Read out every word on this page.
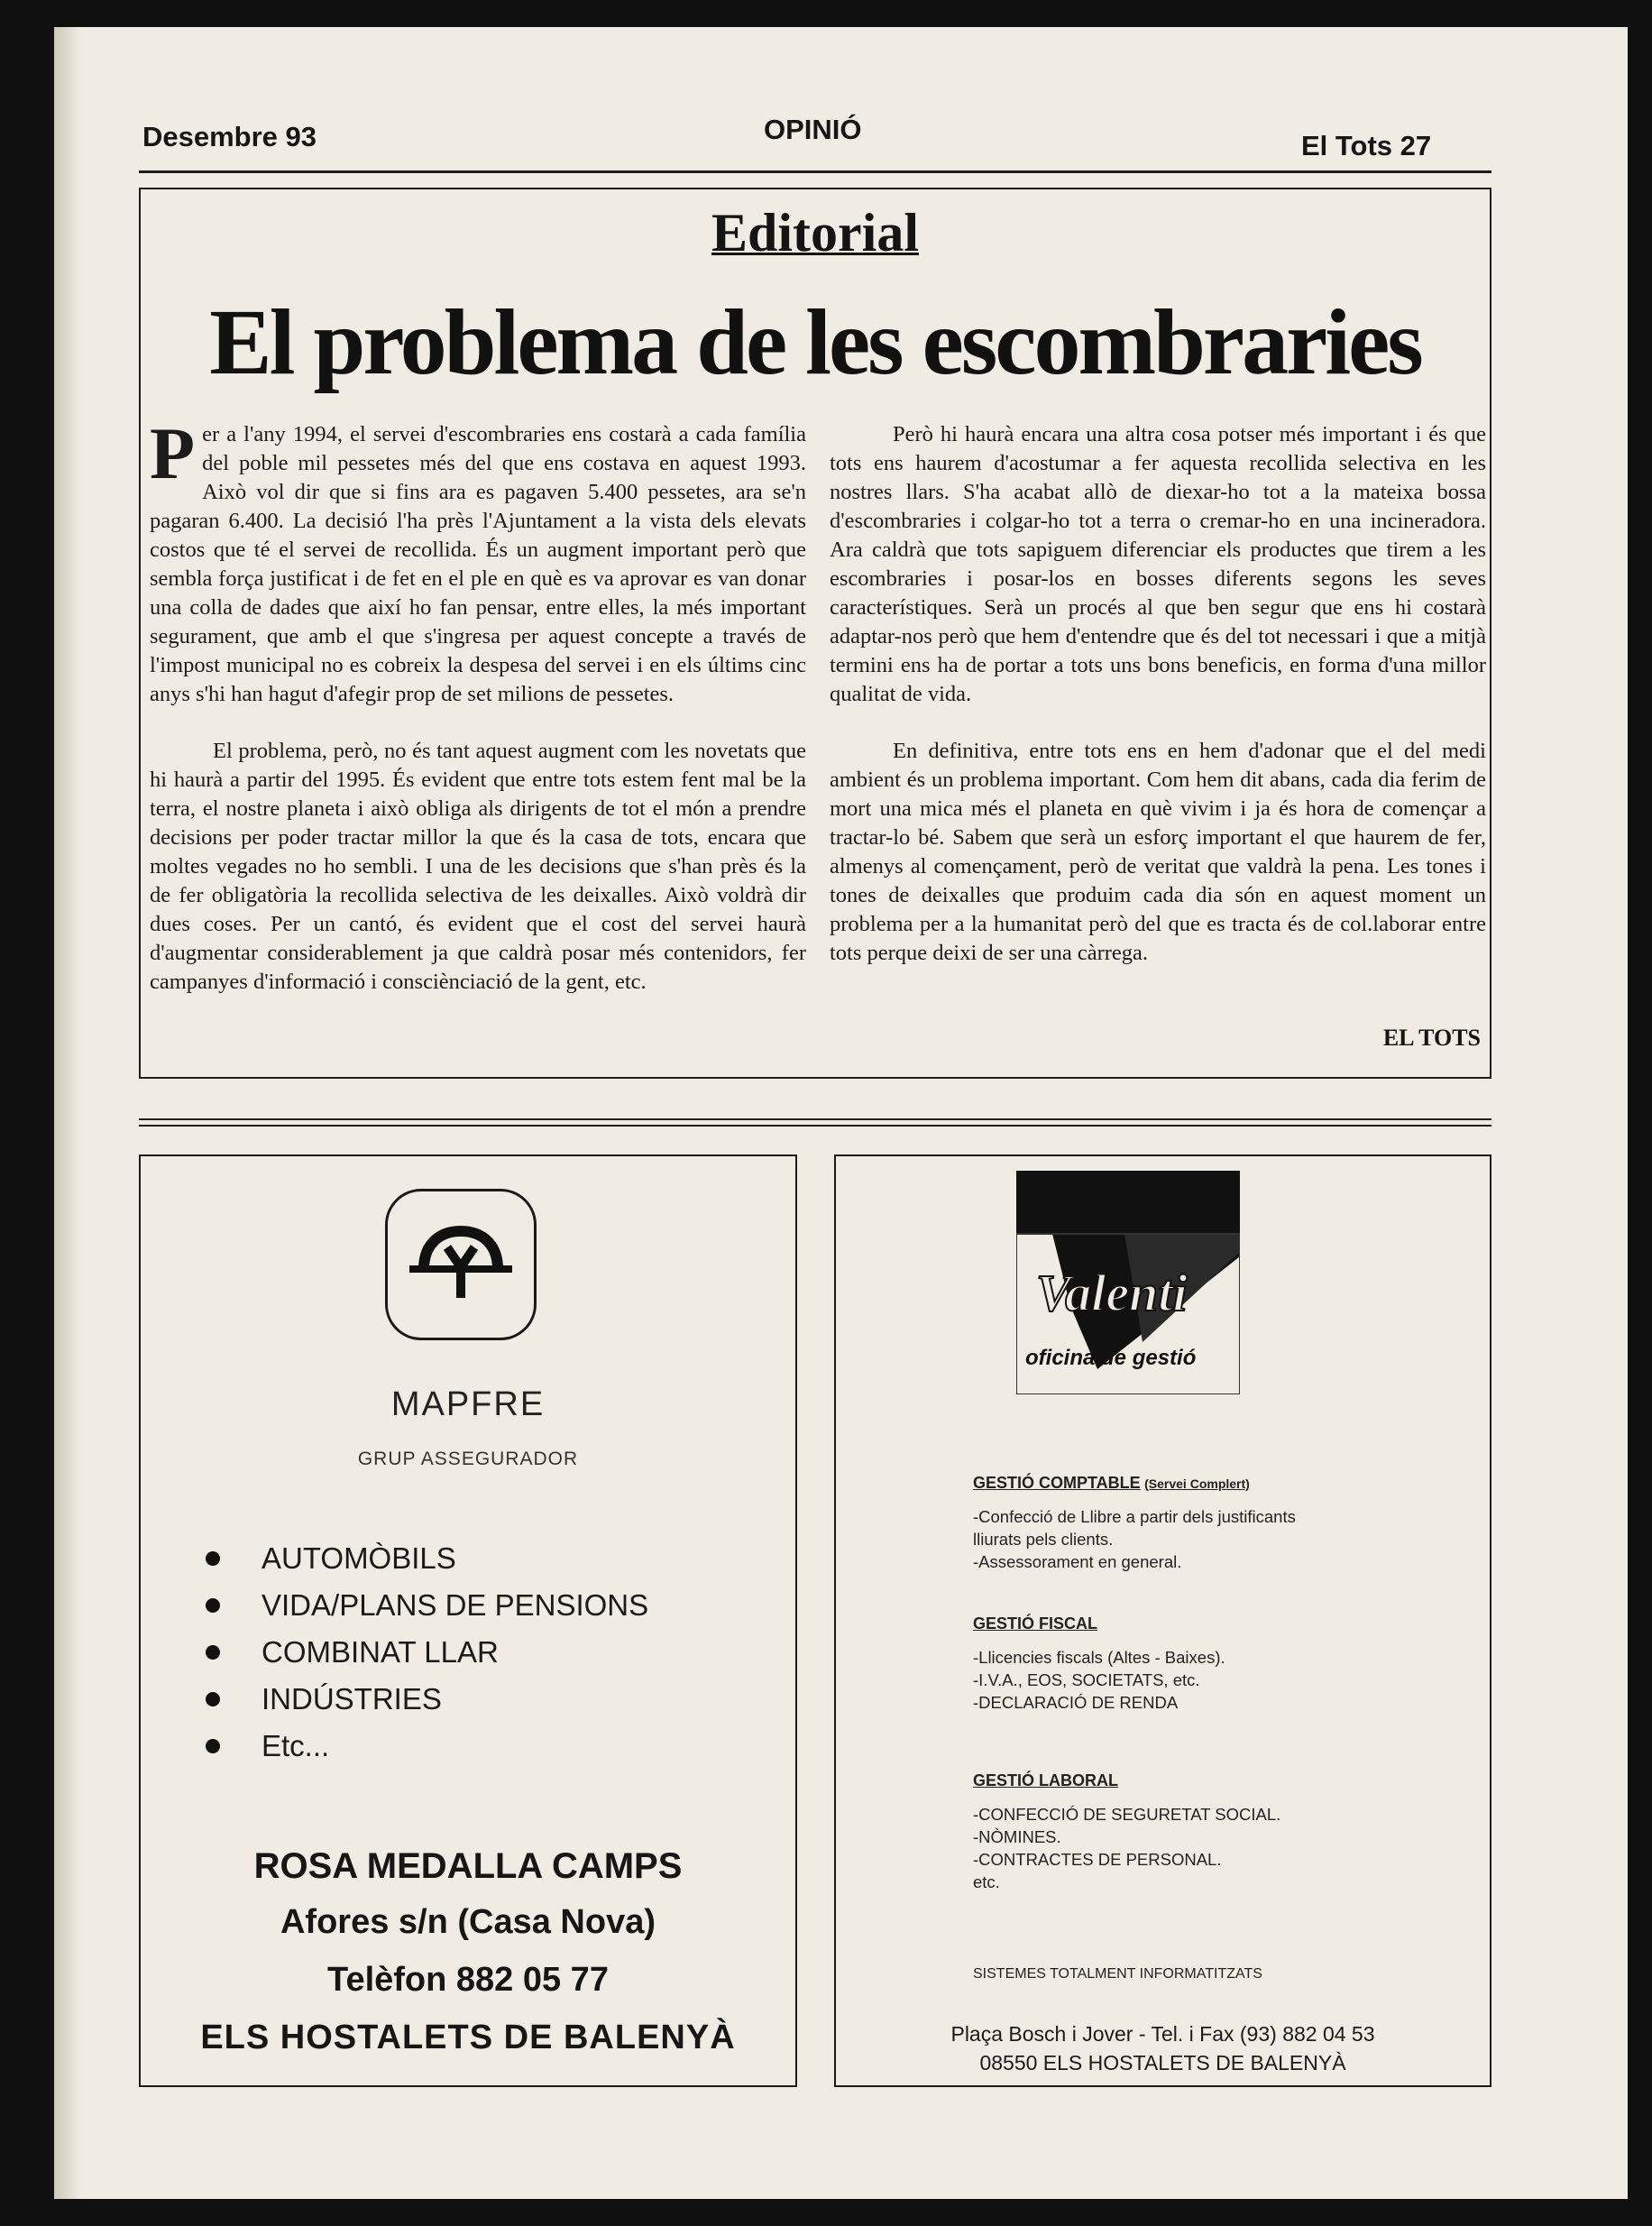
Desembre 93	OPINIÓ
El Tots 27
Editorial
El problema de les escombraries

Per a l'any 1994, el servei d'escombraries ens costarà a cada família del poble mil pessetes més del que ens costava en aquest 1993. Això vol dir que si fins ara es pagaven 5.400 pessetes, ara se'n pagaran 6.400. La decisió l'ha près l'Ajuntament a la vista dels elevats costos que té el servei de recollida. És un augment important però que sembla força justificat i de fet en el ple en què es va aprovar es van donar una colla de dades que així ho fan pensar, entre elles, la més important segurament, que amb el que s'ingresa per aquest concepte a través de l'impost municipal no es cobreix la despesa del servei i en els últims cinc anys s'hi han hagut d'afegir prop de set milions de pessetes.

El problema, però, no és tant aquest augment com les novetats que hi haurà a partir del 1995. És evident que entre tots estem fent mal be la terra, el nostre planeta i això obliga als dirigents de tot el món a prendre decisions per poder tractar millor la que és la casa de tots, encara que moltes vegades no ho sembli. I una de les decisions que s'han près és la de fer obligatòria la recollida selectiva de les deixalles. Això voldrà dir dues coses. Per un cantó, és evident que el cost del servei haurà d'augmentar considerablement ja que caldrà posar més contenidors, fer campanyes d'informació i consciènciació de la gent, etc.

Però hi haurà encara una altra cosa potser més important i és que tots ens haurem d'acostumar a fer aquesta recollida selectiva en les nostres llars. S'ha acabat allò de diexar-ho tot a la mateixa bossa d'escombraries i colgar-ho tot a terra o cremar-ho en una incineradora. Ara caldrà que tots sapiguem diferenciar els productes que tirem a les escombraries i posar-los en bosses diferents segons les seves característiques. Serà un procés al que ben segur que ens hi costarà adaptar-nos però que hem d'entendre que és del tot necessari i que a mitjà termini ens ha de portar a tots uns bons beneficis, en forma d'una millor qualitat de vida.

En definitiva, entre tots ens en hem d'adonar que el del medi ambient és un problema important. Com hem dit abans, cada dia ferim de mort una mica més el planeta en què vivim i ja és hora de començar a tractar-lo bé. Sabem que serà un esforç important el que haurem de fer, almenys al començament, però de veritat que valdrà la pena. Les tones i tones de deixalles que produim cada dia són en aquest moment un problema per a la humanitat però del que es tracta és de col.laborar entre tots perque deixi de ser una càrrega.

EL TOTS
MAPFRE
GRUP ASSEGURADOR
AUTOMÒBILS
VIDA/PLANS DE PENSIONS
COMBINAT LLAR
INDÚSTRIES
Etc...
ROSA MEDALLA CAMPS
Afores s/n (Casa Nova)
Telèfon 882 05 77
ELS HOSTALETS DE BALENYÀ
Valenti
oficina de gestió
GESTIÓ COMPTABLE (Servei Complert)
-Confecció de Llibre a partir dels justificants lliurats pels clients.
-Assessorament en general.
GESTIÓ FISCAL
-Llicencies fiscals (Altes - Baixes).
-I.V.A., EOS, SOCIETATS, etc.
-DECLARACIÓ DE RENDA
GESTIÓ LABORAL
-CONFECCIÓ DE SEGURETAT SOCIAL.
-NÒMINES.
-CONTRACTES DE PERSONAL.
etc.
SISTEMES TOTALMENT INFORMATITZATS
Plaça Bosch i Jover - Tel. i Fax (93) 882 04 53
08550 ELS HOSTALETS DE BALENYÀ
